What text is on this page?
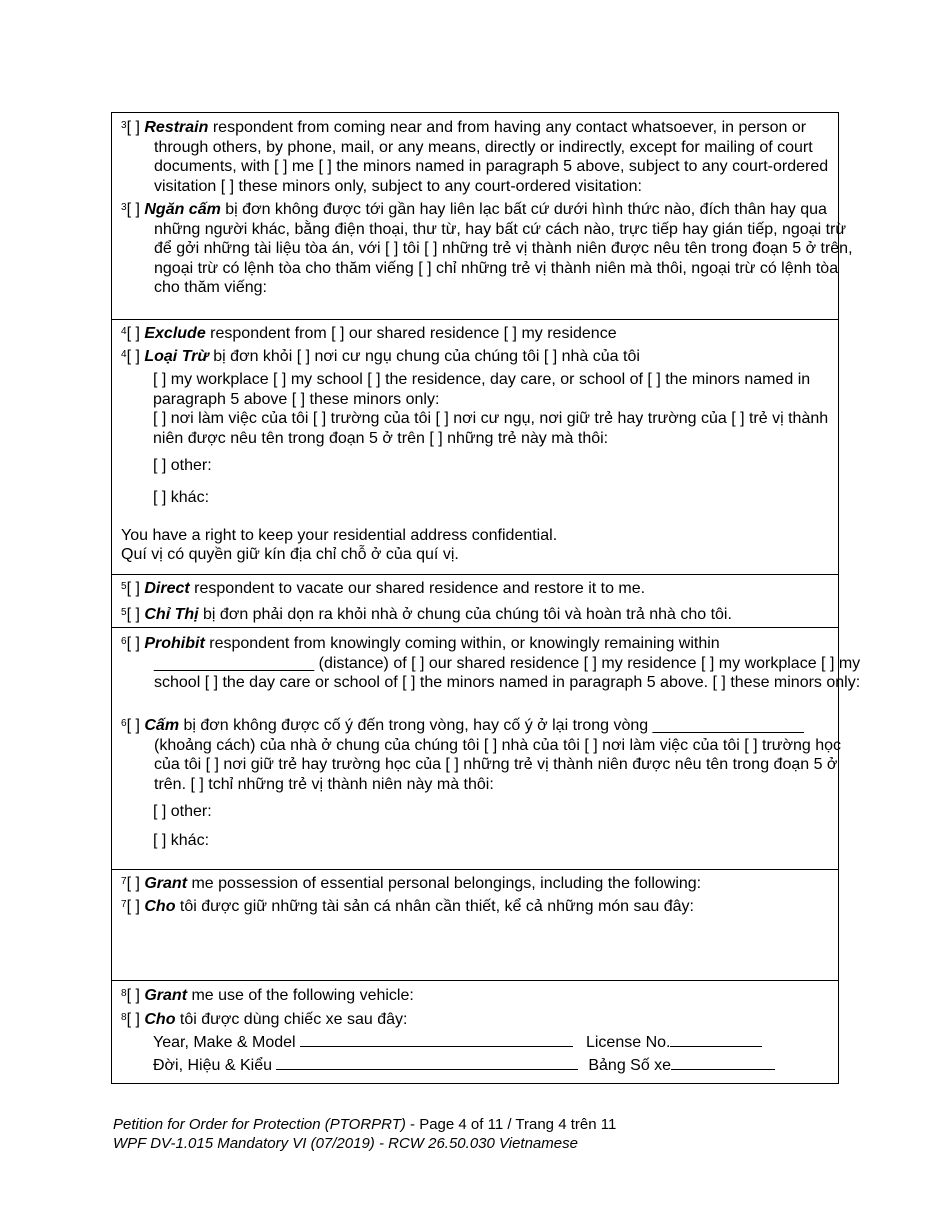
$^3$[ ] Restrain respondent from coming near and from having any contact whatsoever, in person or through others, by phone, mail, or any means, directly or indirectly, except for mailing of court documents, with [ ] me [ ] the minors named in paragraph 5 above, subject to any court-ordered visitation [ ] these minors only, subject to any court-ordered visitation:
$^3$[ ] Ngăn cấm bị đơn không được tới gần hay liên lạc bất cứ dưới hình thức nào, đích thân hay qua những người khác, bằng điện thoại, thư từ, hay bất cứ cách nào, trực tiếp hay gián tiếp, ngoại trừ để gởi những tài liệu tòa án, với [ ] tôi [ ] những trẻ vị thành niên được nêu tên trong đoạn 5 ở trên, ngoại trừ có lệnh tòa cho thăm viếng [ ] chỉ những trẻ vị thành niên mà thôi, ngoại trừ có lệnh tòa cho thăm viếng:
$^4$[ ] Exclude respondent from [ ] our shared residence [ ] my residence
$^4$[ ] Loại Trừ bị đơn khỏi [ ] nơi cư ngụ chung của chúng tôi [ ] nhà của tôi
[ ] my workplace [ ] my school [ ] the residence, day care, or school of [ ] the minors named in paragraph 5 above [ ] these minors only:
[ ] nơi làm việc của tôi [ ] trường của tôi [ ] nơi cư ngụ, nơi giữ trẻ hay trường của [ ] trẻ vị thành niên được nêu tên trong đoạn 5 ở trên [ ] những trẻ này mà thôi:
[ ] other:
[ ] khác:
You have a right to keep your residential address confidential.
Quí vị có quyền giữ kín địa chỉ chỗ ở của quí vị.
$^5$[ ] Direct respondent to vacate our shared residence and restore it to me.
$^5$[ ] Chỉ Thị bị đơn phải dọn ra khỏi nhà ở chung của chúng tôi và hoàn trả nhà cho tôi.
$^6$[ ] Prohibit respondent from knowingly coming within, or knowingly remaining within __________________ (distance) of [ ] our shared residence [ ] my residence [ ] my workplace [ ] my school [ ] the day care or school of [ ] the minors named in paragraph 5 above. [ ] these minors only:
$^6$[ ] Cấm bị đơn không được cố ý đến trong vòng, hay cố ý ở lại trong vòng _________________ (khoảng cách) của nhà ở chung của chúng tôi [ ] nhà của tôi [ ] nơi làm việc của tôi [ ] trường học của tôi [ ] nơi giữ trẻ hay trường học của [ ] những trẻ vị thành niên được nêu tên trong đoạn 5 ở trên. [ ] tchỉ những trẻ vị thành niên này mà thôi:
[ ] other:
[ ] khác:
$^7$[ ] Grant me possession of essential personal belongings, including the following:
$^7$[ ] Cho tôi được giữ những tài sản cá nhân cần thiết, kể cả những món sau đây:
$^8$[ ] Grant me use of the following vehicle:
$^8$[ ] Cho tôi được dùng chiếc xe sau đây:
Year, Make & Model	License No.
Đời, Hiệu & Kiểu	Bảng Số xe
Petition for Order for Protection (PTORPRT) - Page 4 of 11 / Trang 4 trên 11
WPF DV-1.015 Mandatory VI (07/2019) - RCW 26.50.030 Vietnamese
